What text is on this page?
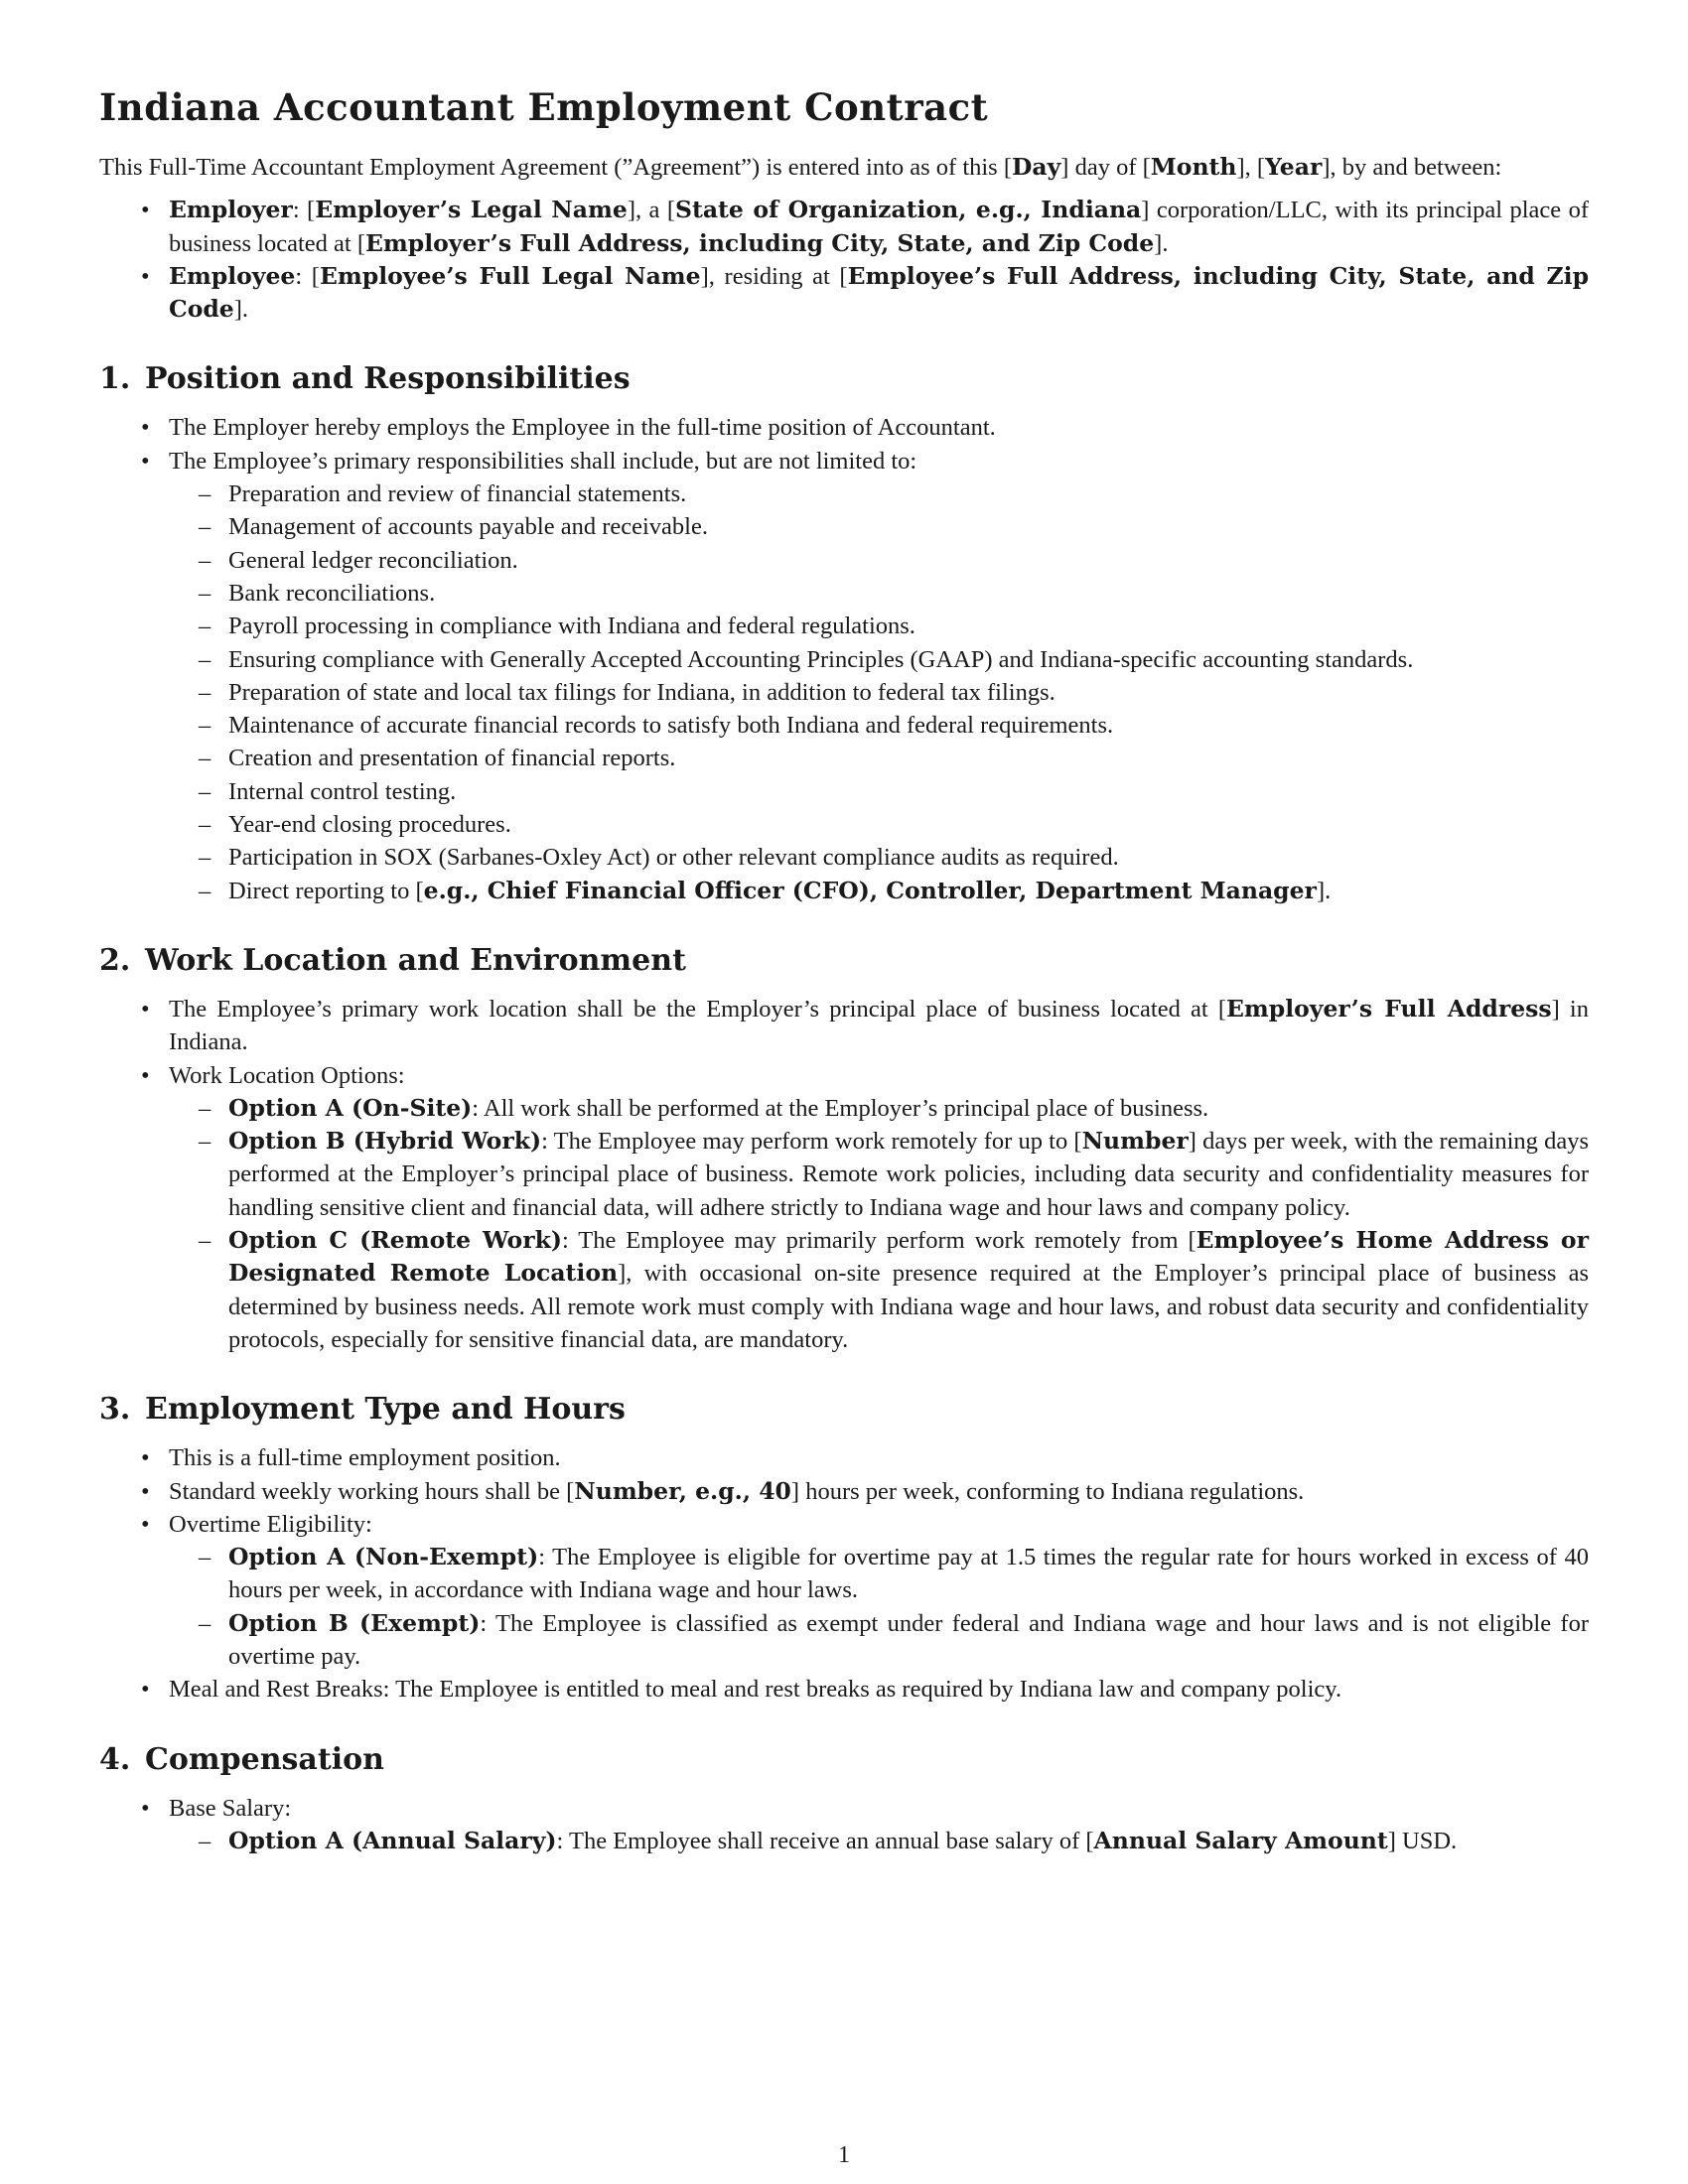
Indiana Accountant Employment Contract

This Full-Time Accountant Employment Agreement (”Agreement”) is entered into as of this [Day] day of [Month], [Year], by and between:

• Employer: [Employer’s Legal Name], a [State of Organization, e.g., Indiana] corporation/LLC, with its principal place of business located at [Employer’s Full Address, including City, State, and Zip Code].
• Employee: [Employee’s Full Legal Name], residing at [Employee’s Full Address, including City, State, and Zip Code].
1. Position and Responsibilities
• The Employer hereby employs the Employee in the full-time position of Accountant.
• The Employee’s primary responsibilities shall include, but are not limited to:
– Preparation and review of financial statements.
– Management of accounts payable and receivable.
– General ledger reconciliation.
– Bank reconciliations.
– Payroll processing in compliance with Indiana and federal regulations.
– Ensuring compliance with Generally Accepted Accounting Principles (GAAP) and Indiana-specific accounting standards.
– Preparation of state and local tax filings for Indiana, in addition to federal tax filings.
– Maintenance of accurate financial records to satisfy both Indiana and federal requirements.
– Creation and presentation of financial reports.
– Internal control testing.
– Year-end closing procedures.
– Participation in SOX (Sarbanes-Oxley Act) or other relevant compliance audits as required.
– Direct reporting to [e.g., Chief Financial Officer (CFO), Controller, Department Manager].
2. Work Location and Environment
• The Employee’s primary work location shall be the Employer’s principal place of business located at [Employer’s Full Address] in Indiana.
• Work Location Options:
– Option A (On-Site): All work shall be performed at the Employer’s principal place of business.
– Option B (Hybrid Work): The Employee may perform work remotely for up to [Number] days per week, with the remaining days performed at the Employer’s principal place of business. Remote work policies, including data security and confidentiality measures for handling sensitive client and financial data, will adhere strictly to Indiana wage and hour laws and company policy.
– Option C (Remote Work): The Employee may primarily perform work remotely from [Employee’s Home Address or Designated Remote Location], with occasional on-site presence required at the Employer’s principal place of business as determined by business needs. All remote work must comply with Indiana wage and hour laws, and robust data security and confidentiality protocols, especially for sensitive financial data, are mandatory.
3. Employment Type and Hours
• This is a full-time employment position.
• Standard weekly working hours shall be [Number, e.g., 40] hours per week, conforming to Indiana regulations.
• Overtime Eligibility:
– Option A (Non-Exempt): The Employee is eligible for overtime pay at 1.5 times the regular rate for hours worked in excess of 40 hours per week, in accordance with Indiana wage and hour laws.
– Option B (Exempt): The Employee is classified as exempt under federal and Indiana wage and hour laws and is not eligible for overtime pay.
• Meal and Rest Breaks: The Employee is entitled to meal and rest breaks as required by Indiana law and company policy.
4. Compensation
• Base Salary:
– Option A (Annual Salary): The Employee shall receive an annual base salary of [Annual Salary Amount] USD.
1
